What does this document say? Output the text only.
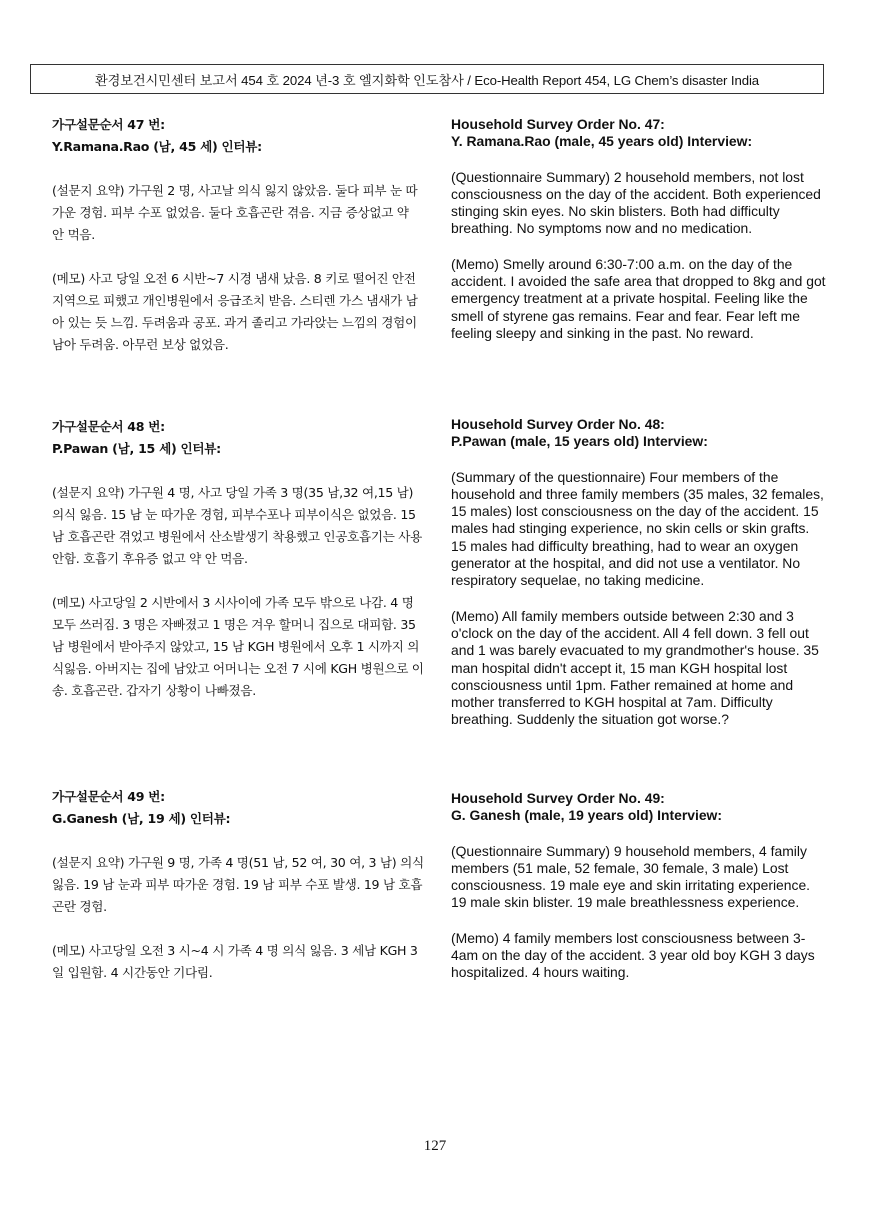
환경보건시민센터 보고서 454 호 2024 년-3 호 엘지화학 인도참사 / Eco-Health Report 454, LG Chem’s disaster India

가구설문순서 47 번:

Y.Ramana.Rao (남, 45 세) 인터뷰:

(설문지 요약) 가구원 2 명, 사고날 의식 잃지 않았음. 둘다 피부 눈 따가운 경험. 피부 수포 없었음. 둘다 호흡곤란 겪음. 지금 증상없고 약 안 먹음.

(메모) 사고 당일 오전 6 시반~7 시경 냄새 났음. 8 키로 떨어진 안전지역으로 피했고 개인병원에서 응급조치 받음. 스티렌 가스 냄새가 남아 있는 듯 느낌. 두려움과 공포. 과거 졸리고 가라앉는 느낌의 경험이 남아 두려움. 아무런 보상 없었음.

Household Survey Order No. 47:

Y. Ramana.Rao (male, 45 years old) Interview:

(Questionnaire Summary) 2 household members, not lost consciousness on the day of the accident. Both experienced stinging skin eyes. No skin blisters. Both had difficulty breathing. No symptoms now and no medication.

(Memo) Smelly around 6:30-7:00 a.m. on the day of the accident. I avoided the safe area that dropped to 8kg and got emergency treatment at a private hospital. Feeling like the smell of styrene gas remains. Fear and fear. Fear left me feeling sleepy and sinking in the past. No reward.

가구설문순서 48 번:

P.Pawan (남, 15 세) 인터뷰:

(설문지 요약) 가구원 4 명, 사고 당일 가족 3 명(35 남,32 여,15 남) 의식 잃음. 15 남 눈 따가운 경험, 피부수포나 피부이식은 없었음. 15 남 호흡곤란 겪었고 병원에서 산소발생기 착용했고 인공호흡기는 사용안함. 호흡기 후유증 없고 약 안 먹음.

(메모) 사고당일 2 시반에서 3 시사이에 가족 모두 밖으로 나감. 4 명 모두 쓰러짐. 3 명은 자빠졌고 1 명은 겨우 할머니 집으로 대피함. 35 남 병원에서 받아주지 않았고, 15 남 KGH 병원에서 오후 1 시까지 의식잃음. 아버지는 집에 남았고 어머니는 오전 7 시에 KGH 병원으로 이송. 호흡곤란. 갑자기 상황이 나빠졌음.

Household Survey Order No. 48:

P.Pawan (male, 15 years old) Interview:

(Summary of the questionnaire) Four members of the household and three family members (35 males, 32 females, 15 males) lost consciousness on the day of the accident. 15 males had stinging experience, no skin cells or skin grafts. 15 males had difficulty breathing, had to wear an oxygen generator at the hospital, and did not use a ventilator. No respiratory sequelae, no taking medicine.

(Memo) All family members outside between 2:30 and 3 o'clock on the day of the accident. All 4 fell down. 3 fell out and 1 was barely evacuated to my grandmother's house. 35 man hospital didn't accept it, 15 man KGH hospital lost consciousness until 1pm. Father remained at home and mother transferred to KGH hospital at 7am. Difficulty breathing. Suddenly the situation got worse.?

가구설문순서 49 번:

G.Ganesh (남, 19 세) 인터뷰:

(설문지 요약) 가구원 9 명, 가족 4 명(51 남, 52 여, 30 여, 3 남) 의식 잃음. 19 남 눈과 피부 따가운 경험. 19 남 피부 수포 발생. 19 남 호흡 곤란 경험.

(메모) 사고당일 오전 3 시~4 시 가족 4 명 의식 잃음. 3 세남 KGH 3 일 입원함. 4 시간동안 기다림.

Household Survey Order No. 49:

G. Ganesh (male, 19 years old) Interview:

(Questionnaire Summary) 9 household members, 4 family members (51 male, 52 female, 30 female, 3 male) Lost consciousness. 19 male eye and skin irritating experience. 19 male skin blister. 19 male breathlessness experience.

(Memo) 4 family members lost consciousness between 3-4am on the day of the accident. 3 year old boy KGH 3 days hospitalized. 4 hours waiting.

127
